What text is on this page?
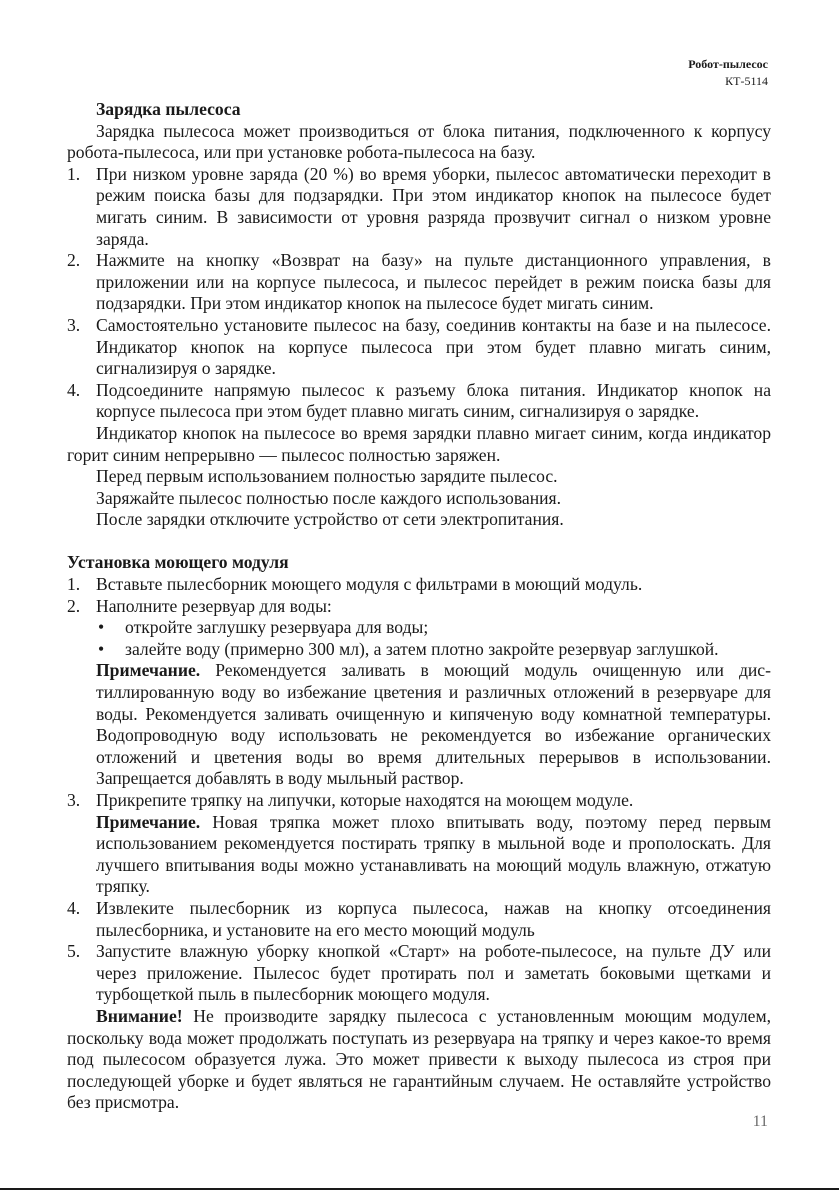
Робот-пылесос
КТ-5114

Зарядка пылесоса

Зарядка пылесоса может производиться от блока питания, подключенного к корпусу робота-пылесоса, или при установке робота-пылесоса на базу.

1. При низком уровне заряда (20 %) во время уборки, пылесос автоматически переходит в режим поиска базы для подзарядки. При этом индикатор кнопок на пылесосе будет мигать синим. В зависимости от уровня разряда прозвучит сигнал о низком уровне заряда.
2. Нажмите на кнопку «Возврат на базу» на пульте дистанционного управления, в приложении или на корпусе пылесоса, и пылесос перейдет в режим поиска базы для подзарядки. При этом индикатор кнопок на пылесосе будет мигать синим.
3. Самостоятельно установите пылесос на базу, соединив контакты на базе и на пылесосе. Индикатор кнопок на корпусе пылесоса при этом будет плавно мигать синим, сигнализируя о зарядке.
4. Подсоедините напрямую пылесос к разъему блока питания. Индикатор кнопок на корпусе пылесоса при этом будет плавно мигать синим, сигнализируя о зарядке.

Индикатор кнопок на пылесосе во время зарядки плавно мигает синим, когда индикатор горит синим непрерывно — пылесос полностью заряжен.

Перед первым использованием полностью зарядите пылесос.

Заряжайте пылесос полностью после каждого использования.

После зарядки отключите устройство от сети электропитания.

Установка моющего модуля

1. Вставьте пылесборник моющего модуля с фильтрами в моющий модуль.
2. Наполните резервуар для воды:
• откройте заглушку резервуара для воды;
• залейте воду (примерно 300 мл), а затем плотно закройте резервуар заглушкой.

Примечание. Рекомендуется заливать в моющий модуль очищенную или дистиллированную воду во избежание цветения и различных отложений в резервуаре для воды. Рекомендуется заливать очищенную и кипяченую воду комнатной температуры. Водопроводную воду использовать не рекомендуется во избежание органических отложений и цветения воды во время длительных перерывов в использовании. Запрещается добавлять в воду мыльный раствор.

3. Прикрепите тряпку на липучки, которые находятся на моющем модуле.

Примечание. Новая тряпка может плохо впитывать воду, поэтому перед первым использованием рекомендуется постирать тряпку в мыльной воде и прополоскать. Для лучшего впитывания воды можно устанавливать на моющий модуль влажную, отжатую тряпку.

4. Извлеките пылесборник из корпуса пылесоса, нажав на кнопку отсоединения пылесборника, и установите на его место моющий модуль
5. Запустите влажную уборку кнопкой «Старт» на роботе-пылесосе, на пульте ДУ или через приложение. Пылесос будет протирать пол и заметать боковыми щетками и турбощеткой пыль в пылесборник моющего модуля.

Внимание! Не производите зарядку пылесоса с установленным моющим модулем, поскольку вода может продолжать поступать из резервуара на тряпку и через какое-то время под пылесосом образуется лужа. Это может привести к выходу пылесоса из строя при последующей уборке и будет являться не гарантийным случаем. Не оставляйте устройство без присмотра.

11
